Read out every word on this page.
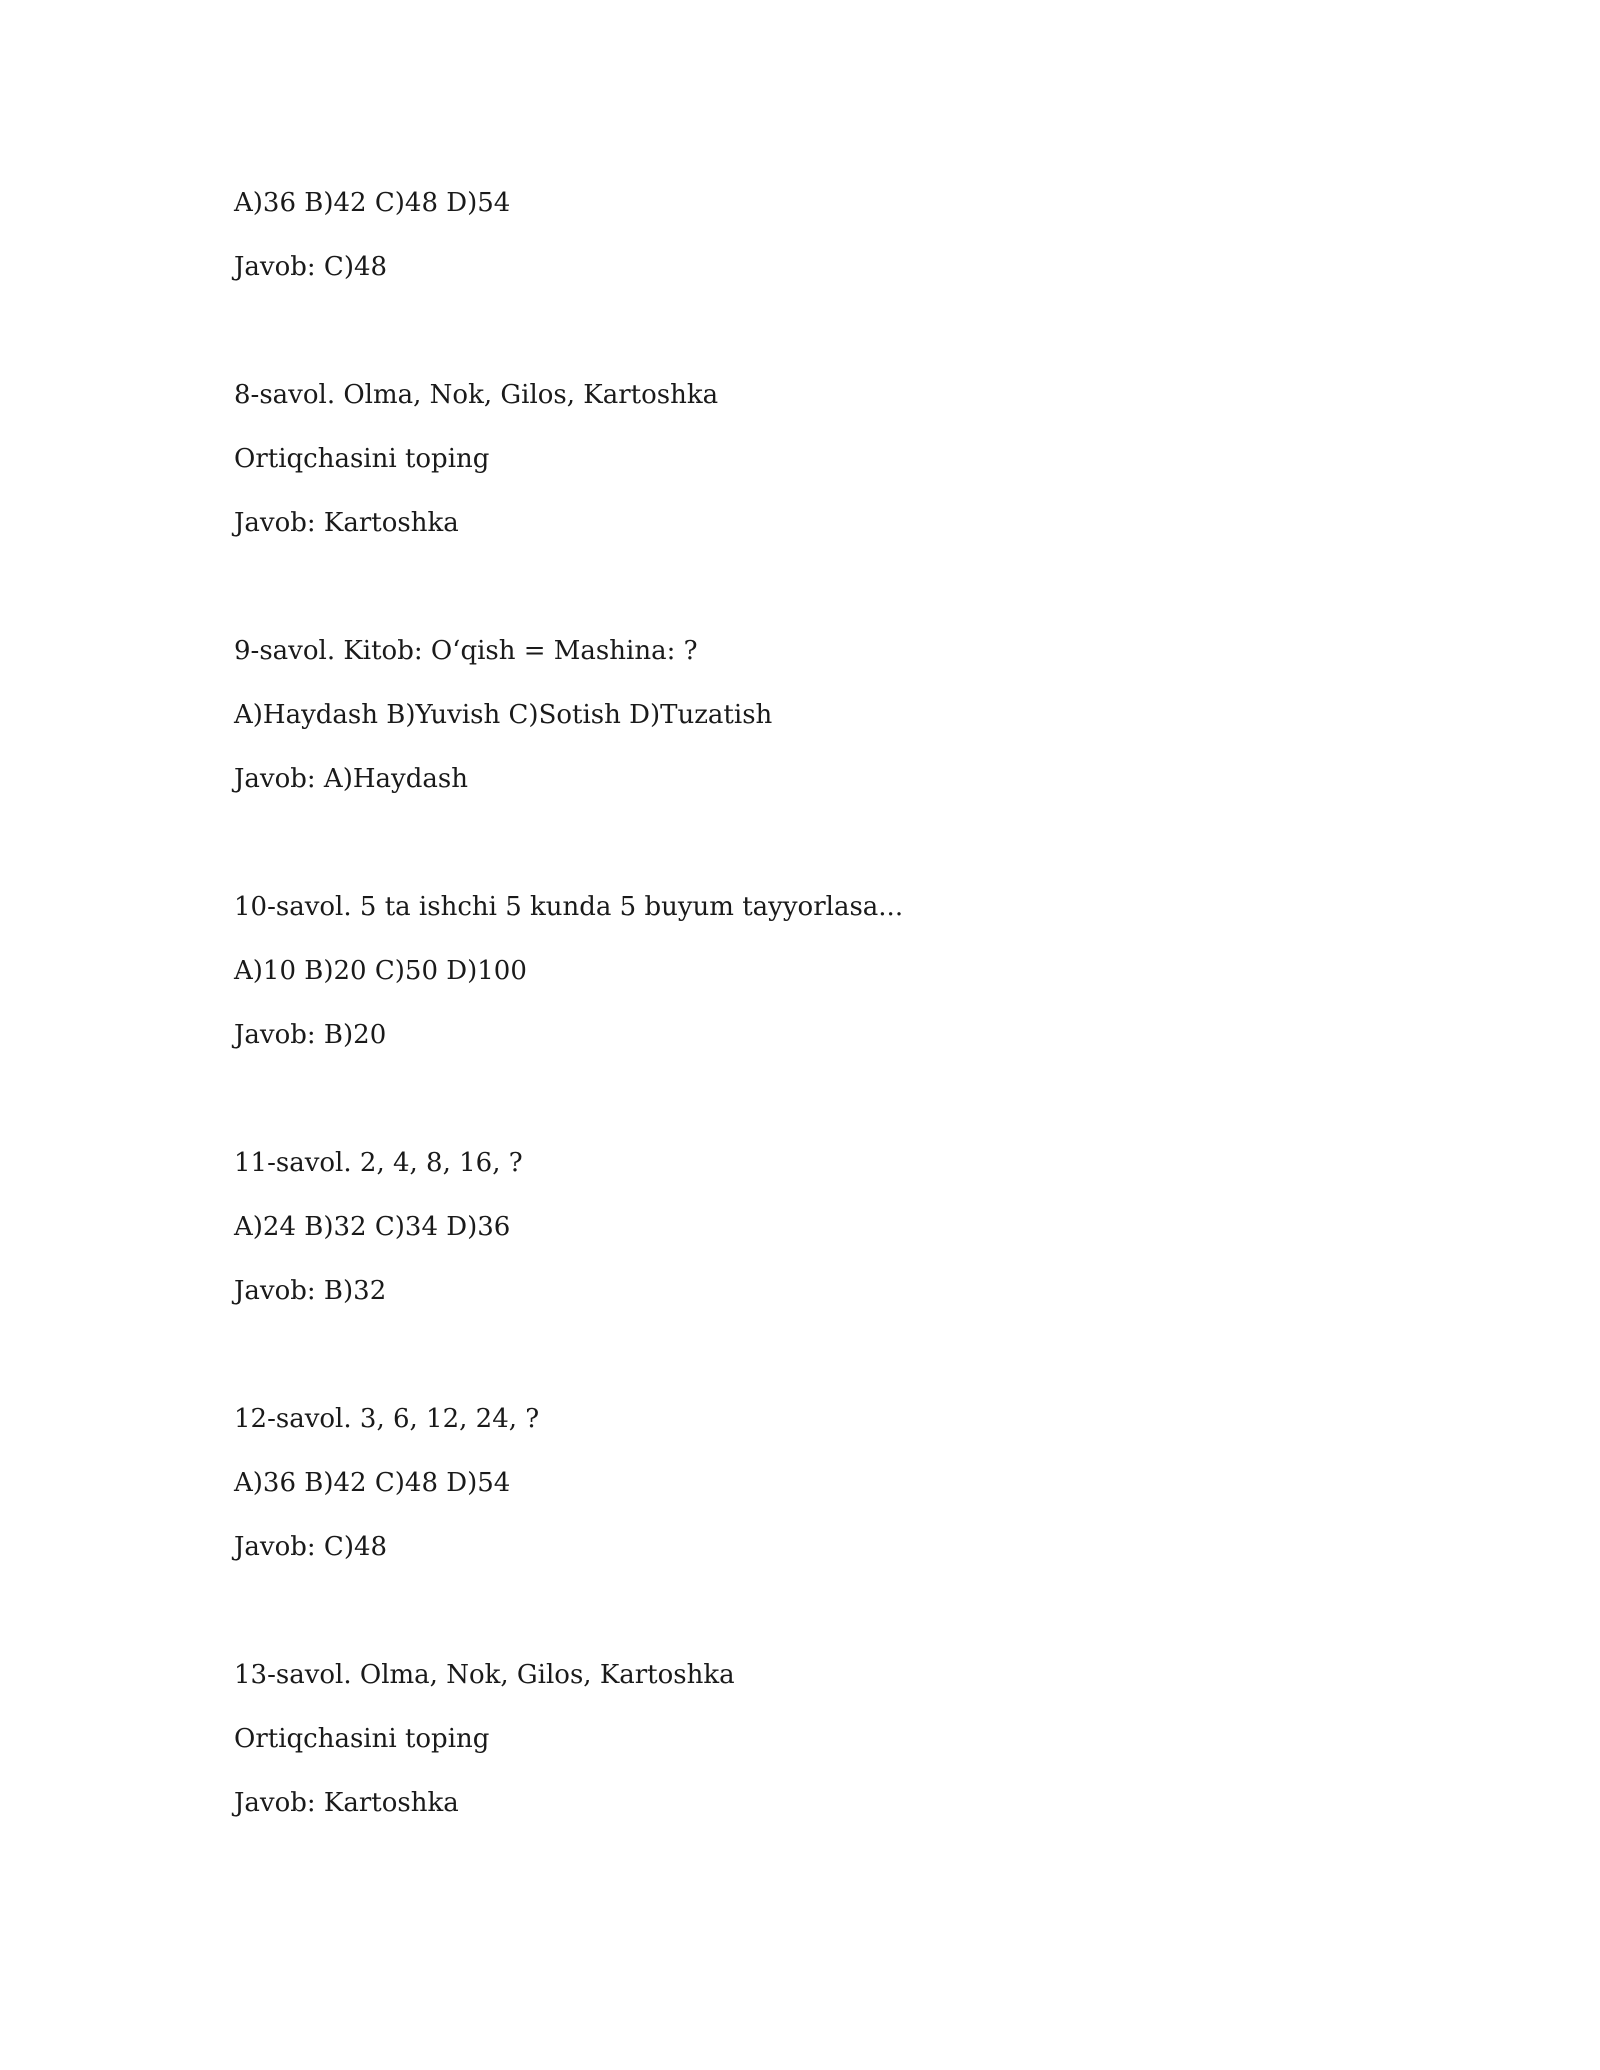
A)36 B)42 C)48 D)54
Javob: C)48
8-savol. Olma, Nok, Gilos, Kartoshka
Ortiqchasini toping
Javob: Kartoshka
9-savol. Kitob: O‘qish = Mashina: ?
A)Haydash B)Yuvish C)Sotish D)Tuzatish
Javob: A)Haydash
10-savol. 5 ta ishchi 5 kunda 5 buyum tayyorlasa...
A)10 B)20 C)50 D)100
Javob: B)20
11-savol. 2, 4, 8, 16, ?
A)24 B)32 C)34 D)36
Javob: B)32
12-savol. 3, 6, 12, 24, ?
A)36 B)42 C)48 D)54
Javob: C)48
13-savol. Olma, Nok, Gilos, Kartoshka
Ortiqchasini toping
Javob: Kartoshka
